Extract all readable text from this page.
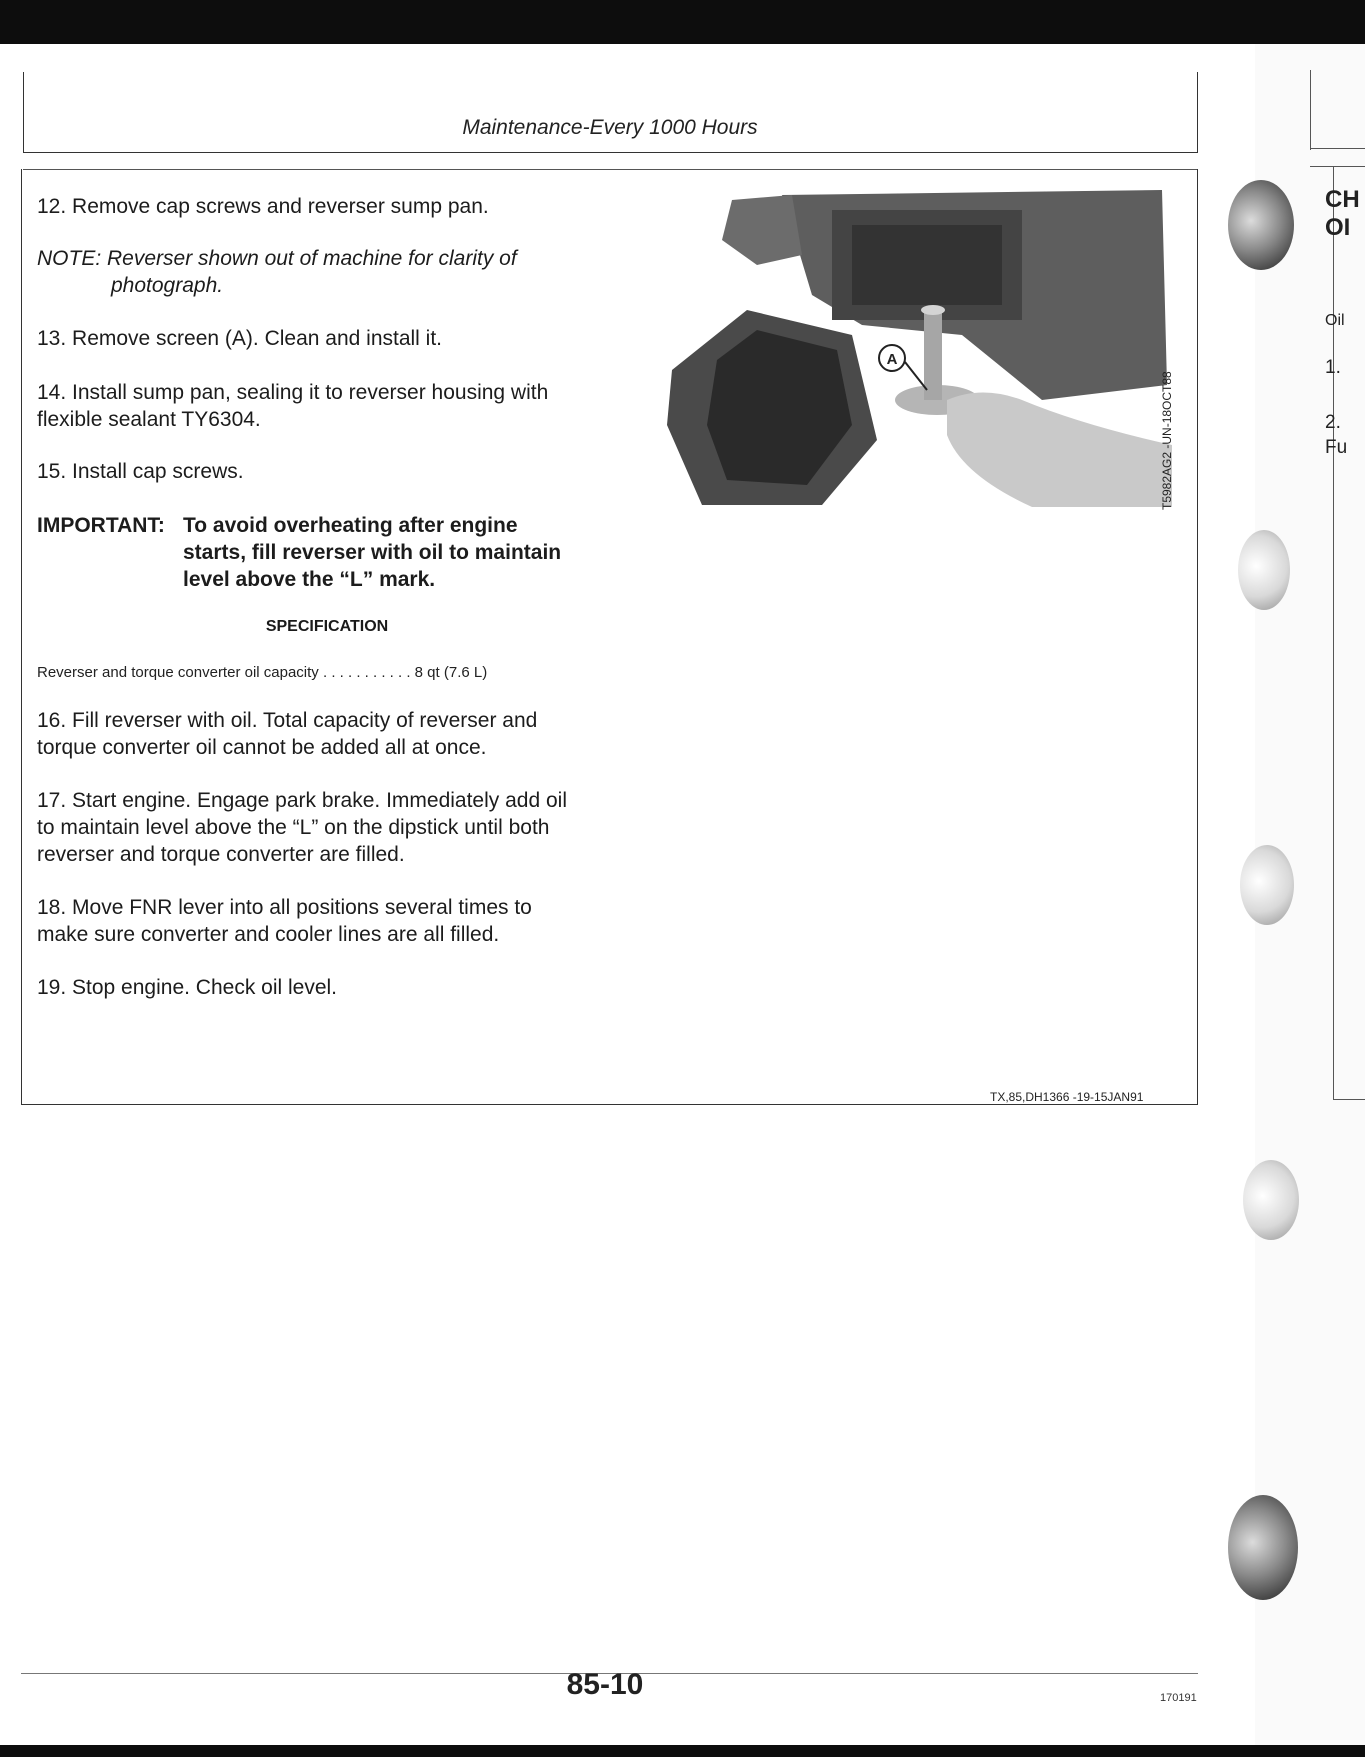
Maintenance-Every 1000 Hours
12. Remove cap screws and reverser sump pan.
NOTE: Reverser shown out of machine for clarity of
photograph.
13. Remove screen (A). Clean and install it.
14. Install sump pan, sealing it to reverser housing with
flexible sealant TY6304.
15. Install cap screws.
IMPORTANT: To avoid overheating after engine
starts, fill reverser with oil to maintain
level above the “L” mark.
SPECIFICATION
Reverser and torque converter oil capacity . . . . . . . . . . . 8 qt (7.6 L)
16. Fill reverser with oil. Total capacity of reverser and
torque converter oil cannot be added all at once.
17. Start engine. Engage park brake. Immediately add oil
to maintain level above the “L” on the dipstick until both
reverser and torque converter are filled.
18. Move FNR lever into all positions several times to
make sure converter and cooler lines are all filled.
19. Stop engine. Check oil level.
A
T5982AG2 -UN-18OCT88
TX,85,DH1366 -19-15JAN91
85-10	170191
CH
OI
Oil
1.
2.
Fu
